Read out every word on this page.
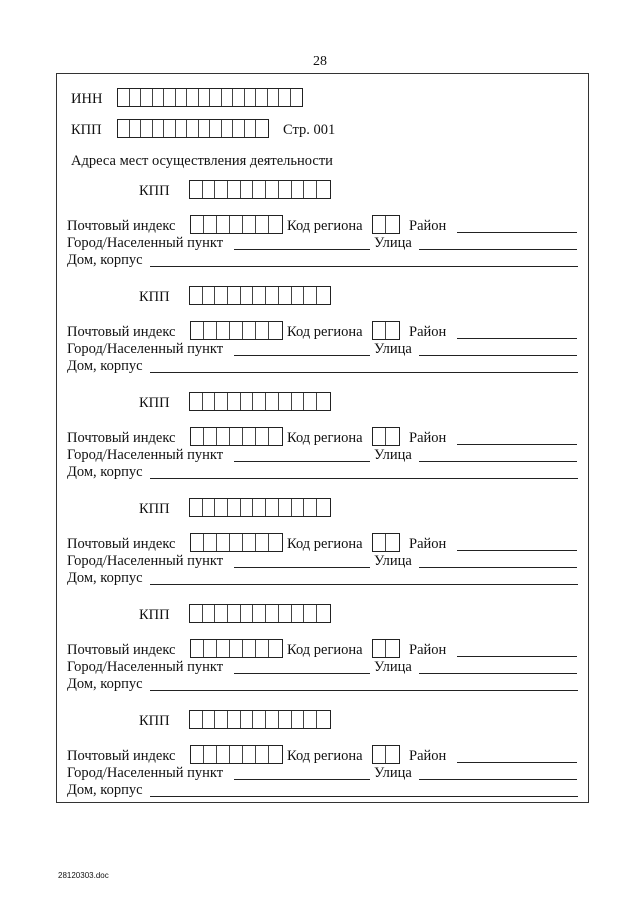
28
ИНН
КПП	Стр. 001
Адреса мест осуществления деятельности
КПП
Почтовый индекс	Код региона	Район
Город/Населенный пункт	Улица
Дом, корпус
КПП
Почтовый индекс	Код региона	Район
Город/Населенный пункт	Улица
Дом, корпус
КПП
Почтовый индекс	Код региона	Район
Город/Населенный пункт	Улица
Дом, корпус
КПП
Почтовый индекс	Код региона	Район
Город/Населенный пункт	Улица
Дом, корпус
КПП
Почтовый индекс	Код региона	Район
Город/Населенный пункт	Улица
Дом, корпус
КПП
Почтовый индекс	Код региона	Район
Город/Населенный пункт	Улица
Дом, корпус
28120303.doc
